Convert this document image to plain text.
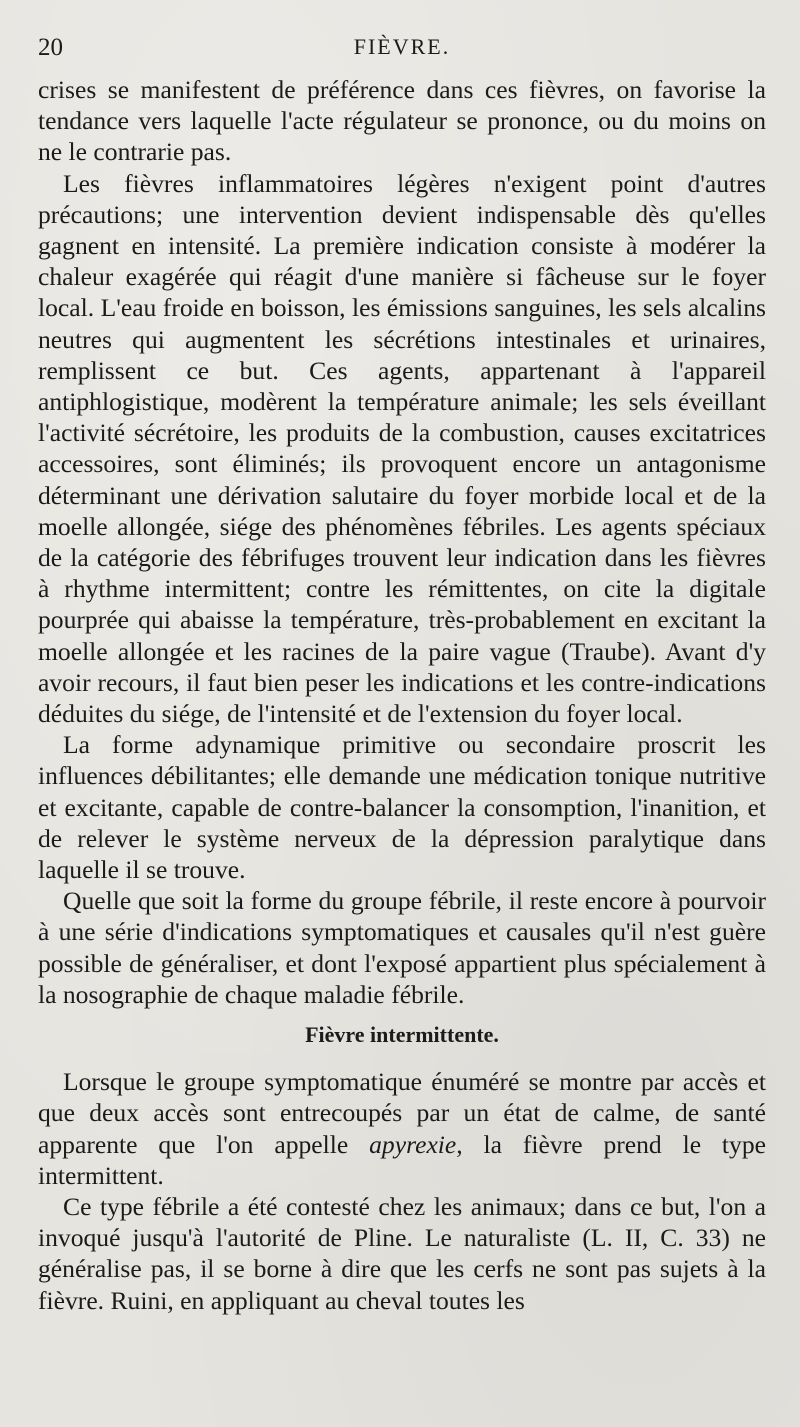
20	FIÈVRE.

crises se manifestent de préférence dans ces fièvres, on favorise la tendance vers laquelle l'acte régulateur se prononce, ou du moins on ne le contrarie pas.

Les fièvres inflammatoires légères n'exigent point d'autres précautions; une intervention devient indispensable dès qu'elles gagnent en intensité. La première indication consiste à modérer la chaleur exagérée qui réagit d'une manière si fâcheuse sur le foyer local. L'eau froide en boisson, les émissions sanguines, les sels alcalins neutres qui augmentent les sécrétions intestinales et urinaires, remplissent ce but. Ces agents, appartenant à l'appareil antiphlogistique, modèrent la température animale; les sels éveillant l'activité sécrétoire, les produits de la combustion, causes excitatrices accessoires, sont éliminés; ils provoquent encore un antagonisme déterminant une dérivation salutaire du foyer morbide local et de la moelle allongée, siége des phénomènes fébriles. Les agents spéciaux de la catégorie des fébrifuges trouvent leur indication dans les fièvres à rhythme intermittent; contre les rémittentes, on cite la digitale pourprée qui abaisse la température, très-probablement en excitant la moelle allongée et les racines de la paire vague (Traube). Avant d'y avoir recours, il faut bien peser les indications et les contre-indications déduites du siége, de l'intensité et de l'extension du foyer local.

La forme adynamique primitive ou secondaire proscrit les influences débilitantes; elle demande une médication tonique nutritive et excitante, capable de contre-balancer la consomption, l'inanition, et de relever le système nerveux de la dépression paralytique dans laquelle il se trouve.

Quelle que soit la forme du groupe fébrile, il reste encore à pourvoir à une série d'indications symptomatiques et causales qu'il n'est guère possible de généraliser, et dont l'exposé appartient plus spécialement à la nosographie de chaque maladie fébrile.

Fièvre intermittente.

Lorsque le groupe symptomatique énuméré se montre par accès et que deux accès sont entrecoupés par un état de calme, de santé apparente que l'on appelle apyrexie, la fièvre prend le type intermittent.

Ce type fébrile a été contesté chez les animaux; dans ce but, l'on a invoqué jusqu'à l'autorité de Pline. Le naturaliste (L. II, C. 33) ne généralise pas, il se borne à dire que les cerfs ne sont pas sujets à la fièvre. Ruini, en appliquant au cheval toutes les
